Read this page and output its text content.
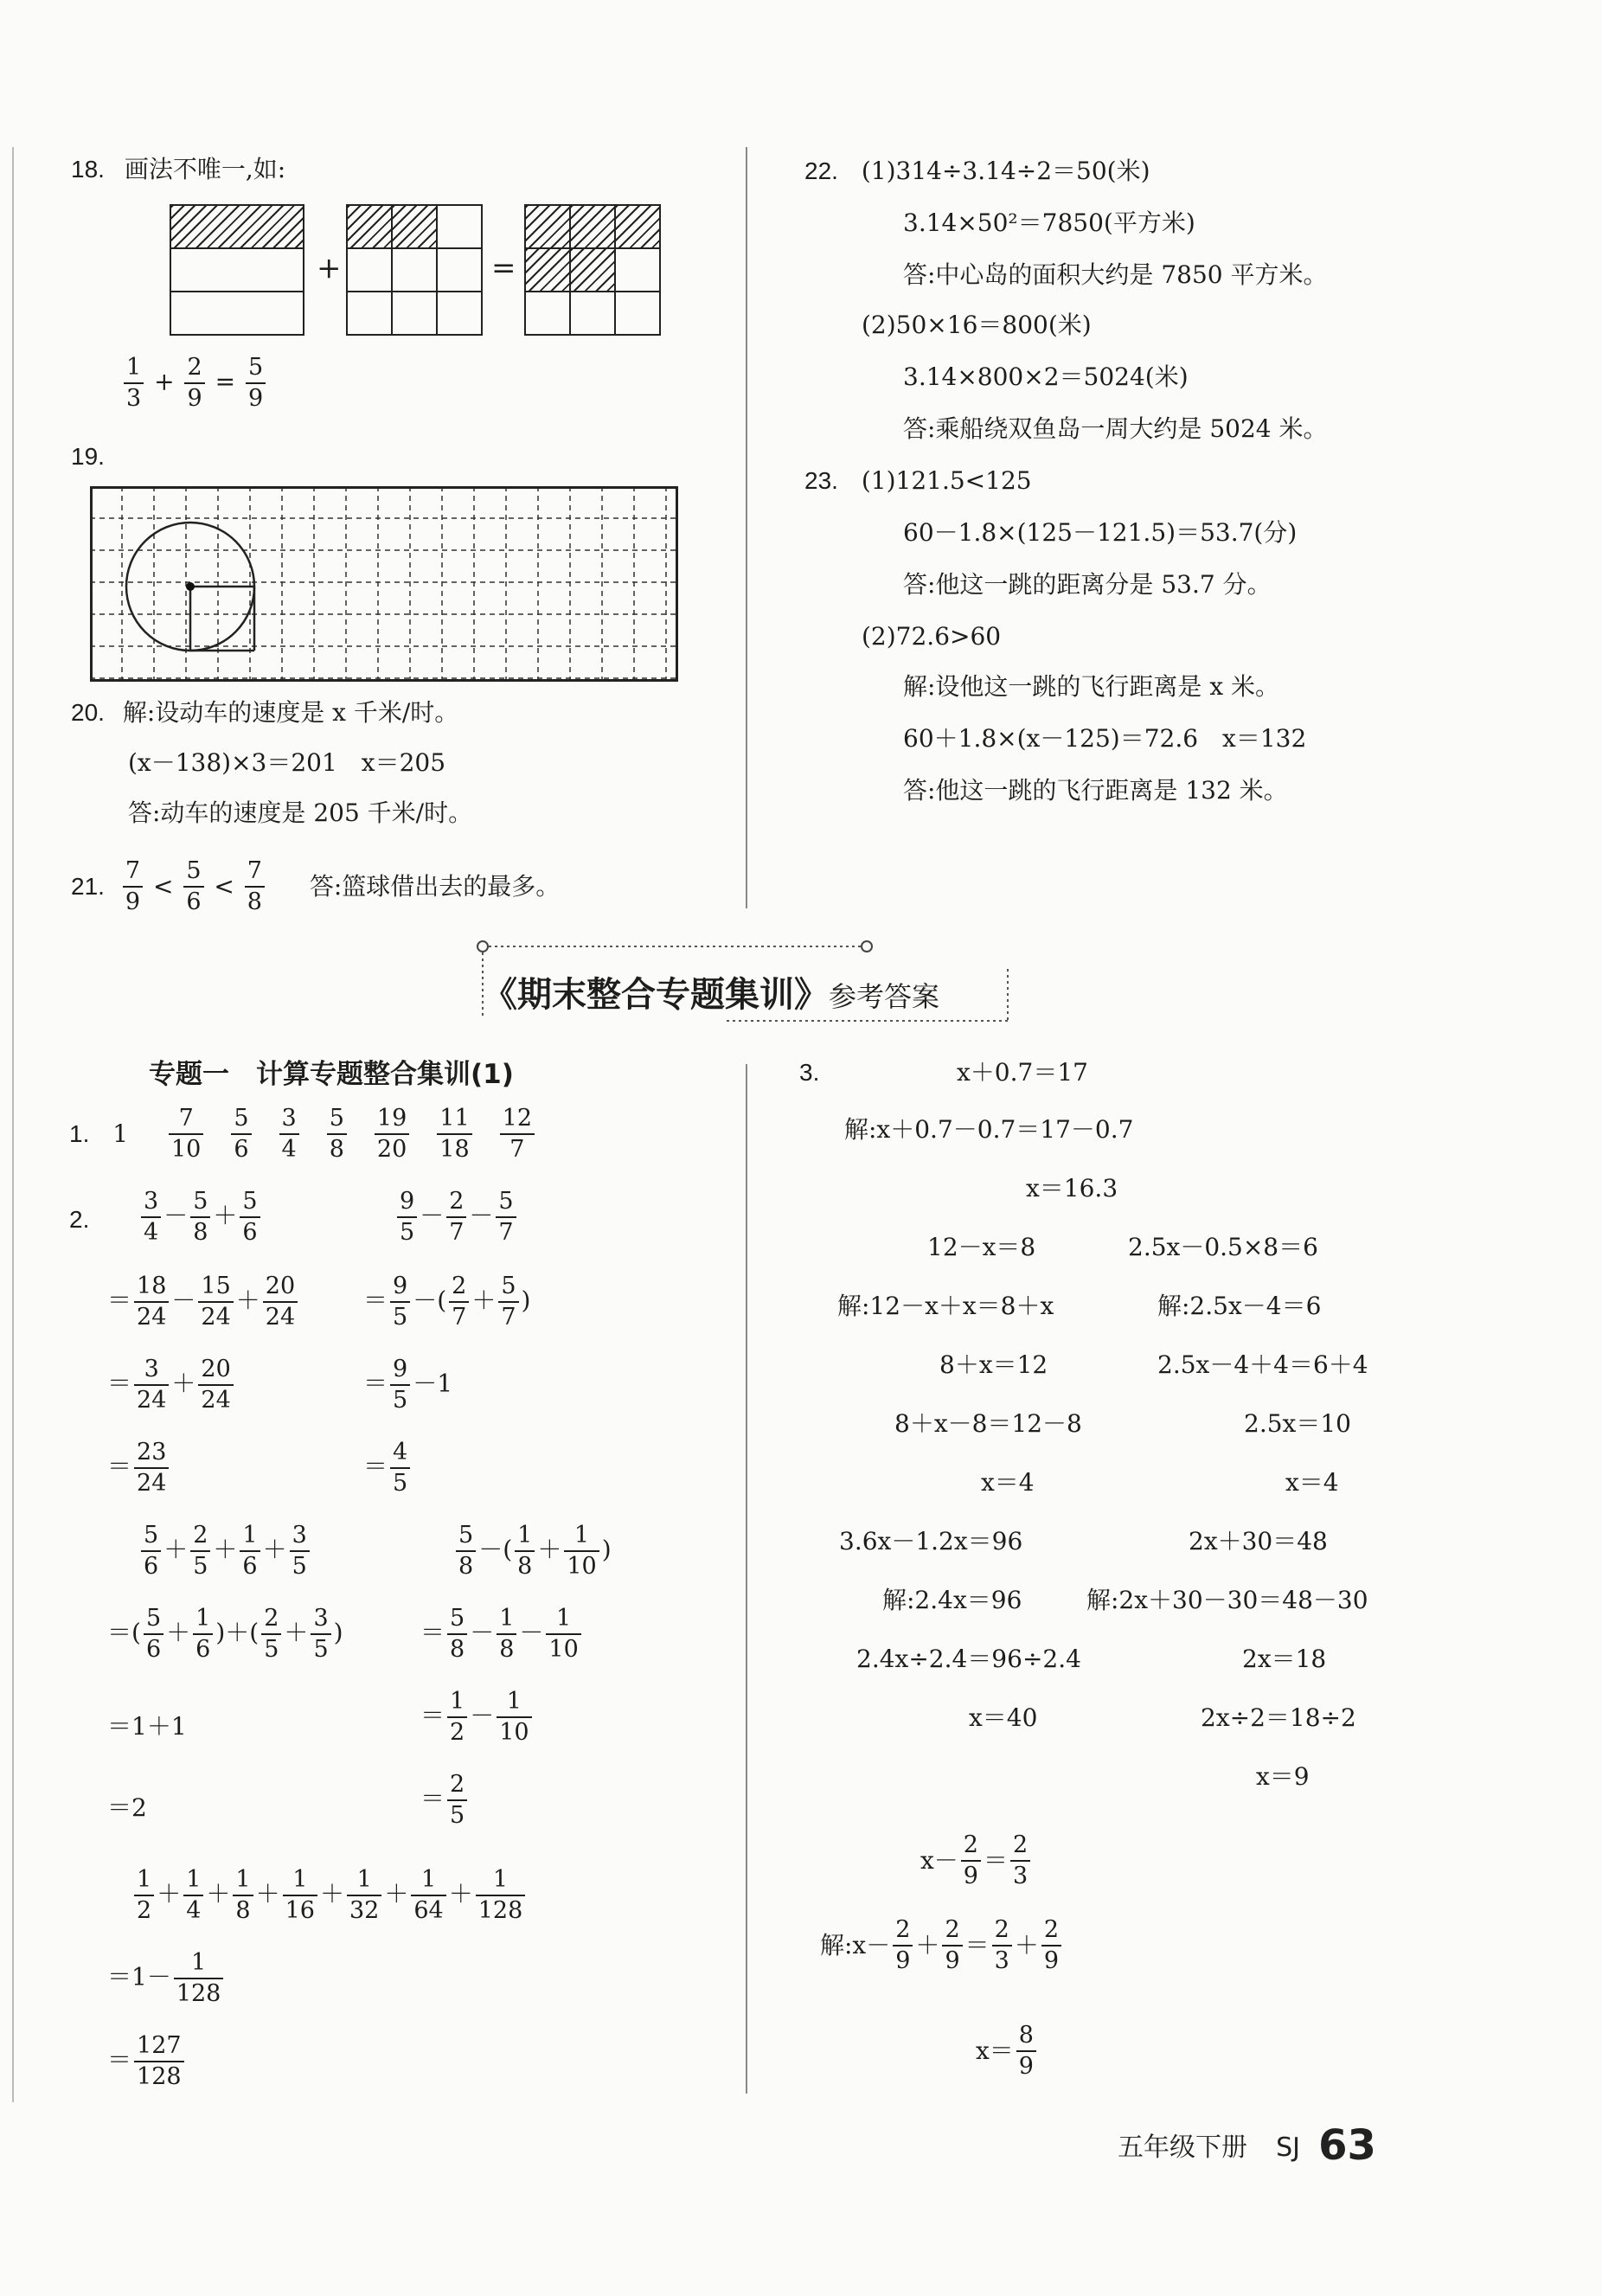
18. 画法不唯一,如:
+	=
$\frac{1}{3} + \frac{2}{9} = \frac{5}{9}$
19.
20. 解:设动车的速度是 x 千米/时。
(x－138)×3＝201　x＝205
答:动车的速度是 205 千米/时。
21. $\frac{7}{9} < \frac{5}{6} < \frac{7}{8}$ 答:篮球借出去的最多。
22. (1)314÷3.14÷2＝50(米)
3.14×50²＝7850(平方米)
答:中心岛的面积大约是 7850 平方米。
(2)50×16＝800(米)
3.14×800×2＝5024(米)
答:乘船绕双鱼岛一周大约是 5024 米。
23. (1)121.5<125
60－1.8×(125－121.5)＝53.7(分)
答:他这一跳的距离分是 53.7 分。
(2)72.6>60
解:设他这一跳的飞行距离是 x 米。
60＋1.8×(x－125)＝72.6　x＝132
答:他这一跳的飞行距离是 132 米。
《期末整合专题集训》参考答案
专题一　计算专题整合集训(1)
1. $1 \frac{7}{10} \frac{5}{6} \frac{3}{4} \frac{5}{8} \frac{19}{20} \frac{11}{18} \frac{12}{7}$
2. $\frac{3}{4} - \frac{5}{8} + \frac{5}{6}$
＝ $\frac{18}{24} - \frac{15}{24} + \frac{20}{24}$
＝ $\frac{3}{24} + \frac{20}{24}$
＝ $\frac{23}{24}$
$\frac{9}{5} - \frac{2}{7} - \frac{5}{7}$
＝ $\frac{9}{5}$ －( $\frac{2}{7} + \frac{5}{7}$ )
＝ $\frac{9}{5} -1$
＝ $\frac{4}{5}$
$\frac{5}{6} + \frac{2}{5} + \frac{1}{6} + \frac{3}{5}$
＝( $\frac{5}{6} + \frac{1}{6}$ )＋( $\frac{2}{5} + \frac{3}{5}$ )
＝1＋1
＝2
$\frac{5}{8}$ －( $\frac{1}{8} + \frac{1}{10}$ )
＝ $\frac{5}{8} - \frac{1}{8} - \frac{1}{10}$
＝ $\frac{1}{2} - \frac{1}{10}$
＝ $\frac{2}{5}$
$\frac{1}{2} + \frac{1}{4} + \frac{1}{8} + \frac{1}{16} + \frac{1}{32} + \frac{1}{64} + \frac{1}{128}$
$=1- \frac{1}{128}$
＝ $\frac{127}{128}$
3.	x＋0.7＝17
解:x＋0.7－0.7＝17－0.7
x＝16.3
12－x＝8
解:12－x＋x＝8＋x
8＋x＝12
8＋x－8＝12－8
x＝4
2.5x－0.5×8＝6
解:2.5x－4＝6
2.5x－4＋4＝6＋4
2.5x＝10
x＝4
3.6x－1.2x＝96
解:2.4x＝96
2.4x÷2.4＝96÷2.4
x＝40
2x＋30＝48
解:2x＋30－30＝48－30
2x＝18
2x÷2＝18÷2
x＝9
$x- \frac{2}{9} = \frac{2}{3}$
解:x－ $\frac{2}{9} + \frac{2}{9} = \frac{2}{3} + \frac{2}{9}$
$x= \frac{8}{9}$
五年级下册 SJ 63
